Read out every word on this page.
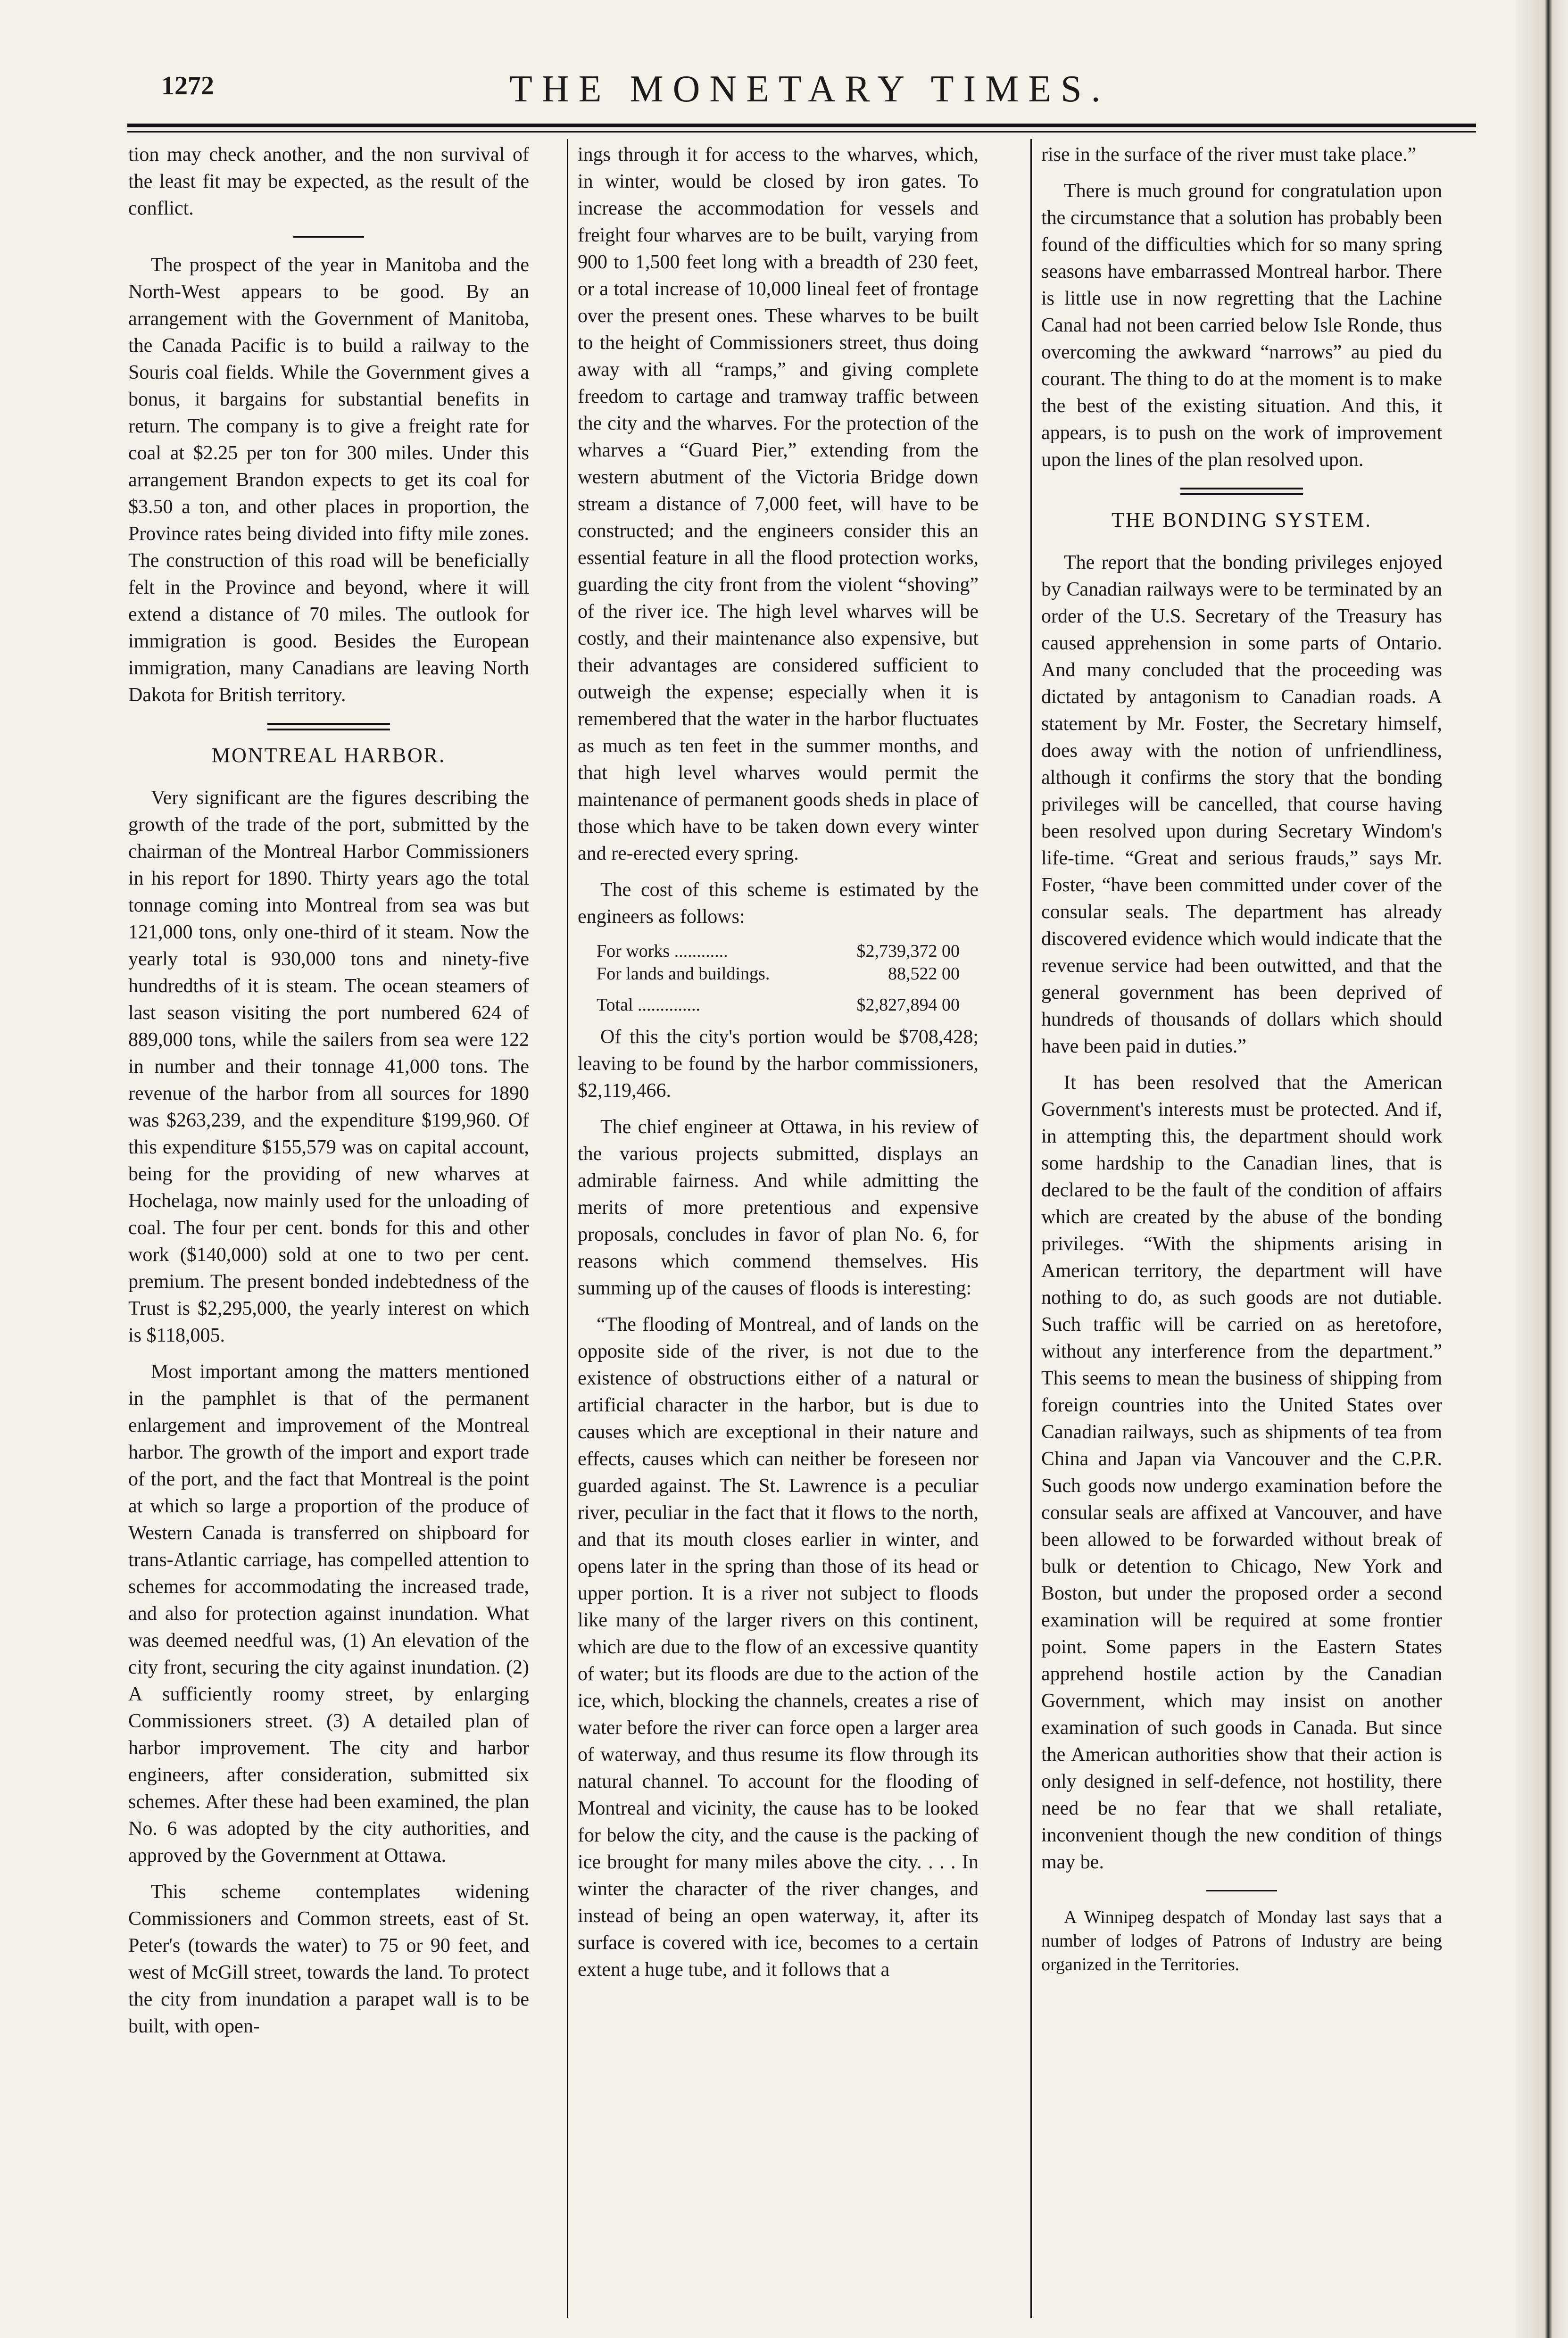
1272	THE MONETARY TIMES.

tion may check another, and the non survival of the least fit may be expected, as the result of the conflict.

The prospect of the year in Manitoba and the North-West appears to be good. By an arrangement with the Government of Manitoba, the Canada Pacific is to build a railway to the Souris coal fields. While the Government gives a bonus, it bargains for substantial benefits in return. The company is to give a freight rate for coal at $2.25 per ton for 300 miles. Under this arrangement Brandon expects to get its coal for $3.50 a ton, and other places in proportion, the Province rates being divided into fifty mile zones. The construction of this road will be beneficially felt in the Province and beyond, where it will extend a distance of 70 miles. The outlook for immigration is good. Besides the European immigration, many Canadians are leaving North Dakota for British territory.

MONTREAL HARBOR.

Very significant are the figures describing the growth of the trade of the port, submitted by the chairman of the Montreal Harbor Commissioners in his report for 1890. Thirty years ago the total tonnage coming into Montreal from sea was but 121,000 tons, only one-third of it steam. Now the yearly total is 930,000 tons and ninety-five hundredths of it is steam. The ocean steamers of last season visiting the port numbered 624 of 889,000 tons, while the sailers from sea were 122 in number and their tonnage 41,000 tons. The revenue of the harbor from all sources for 1890 was $263,239, and the expenditure $199,960. Of this expenditure $155,579 was on capital account, being for the providing of new wharves at Hochelaga, now mainly used for the unloading of coal. The four per cent. bonds for this and other work ($140,000) sold at one to two per cent. premium. The present bonded indebtedness of the Trust is $2,295,000, the yearly interest on which is $118,005.

Most important among the matters mentioned in the pamphlet is that of the permanent enlargement and improvement of the Montreal harbor. The growth of the import and export trade of the port, and the fact that Montreal is the point at which so large a proportion of the produce of Western Canada is transferred on shipboard for trans-Atlantic carriage, has compelled attention to schemes for accommodating the increased trade, and also for protection against inundation. What was deemed needful was, (1) An elevation of the city front, securing the city against inundation. (2) A sufficiently roomy street, by enlarging Commissioners street. (3) A detailed plan of harbor improvement. The city and harbor engineers, after consideration, submitted six schemes. After these had been examined, the plan No. 6 was adopted by the city authorities, and approved by the Government at Ottawa.

This scheme contemplates widening Commissioners and Common streets, east of St. Peter's (towards the water) to 75 or 90 feet, and west of McGill street, towards the land. To protect the city from inundation a parapet wall is to be built, with open-

ings through it for access to the wharves, which, in winter, would be closed by iron gates. To increase the accommodation for vessels and freight four wharves are to be built, varying from 900 to 1,500 feet long with a breadth of 230 feet, or a total increase of 10,000 lineal feet of frontage over the present ones. These wharves to be built to the height of Commissioners street, thus doing away with all “ramps,” and giving complete freedom to cartage and tramway traffic between the city and the wharves. For the protection of the wharves a “Guard Pier,” extending from the western abutment of the Victoria Bridge down stream a distance of 7,000 feet, will have to be constructed; and the engineers consider this an essential feature in all the flood protection works, guarding the city front from the violent “shoving” of the river ice. The high level wharves will be costly, and their maintenance also expensive, but their advantages are considered sufficient to outweigh the expense; especially when it is remembered that the water in the harbor fluctuates as much as ten feet in the summer months, and that high level wharves would permit the maintenance of permanent goods sheds in place of those which have to be taken down every winter and re-erected every spring.

The cost of this scheme is estimated by the engineers as follows:

For works ............	$2,739,372 00
For lands and buildings.	88,522 00
Total ..............	$2,827,894 00

Of this the city's portion would be $708,428; leaving to be found by the harbor commissioners, $2,119,466.

The chief engineer at Ottawa, in his review of the various projects submitted, displays an admirable fairness. And while admitting the merits of more pretentious and expensive proposals, concludes in favor of plan No. 6, for reasons which commend themselves. His summing up of the causes of floods is interesting:

“The flooding of Montreal, and of lands on the opposite side of the river, is not due to the existence of obstructions either of a natural or artificial character in the harbor, but is due to causes which are exceptional in their nature and effects, causes which can neither be foreseen nor guarded against. The St. Lawrence is a peculiar river, peculiar in the fact that it flows to the north, and that its mouth closes earlier in winter, and opens later in the spring than those of its head or upper portion. It is a river not subject to floods like many of the larger rivers on this continent, which are due to the flow of an excessive quantity of water; but its floods are due to the action of the ice, which, blocking the channels, creates a rise of water before the river can force open a larger area of waterway, and thus resume its flow through its natural channel. To account for the flooding of Montreal and vicinity, the cause has to be looked for below the city, and the cause is the packing of ice brought for many miles above the city. . . . In winter the character of the river changes, and instead of being an open waterway, it, after its surface is covered with ice, becomes to a certain extent a huge tube, and it follows that a

rise in the surface of the river must take place.”

There is much ground for congratulation upon the circumstance that a solution has probably been found of the difficulties which for so many spring seasons have embarrassed Montreal harbor. There is little use in now regretting that the Lachine Canal had not been carried below Isle Ronde, thus overcoming the awkward “narrows” au pied du courant. The thing to do at the moment is to make the best of the existing situation. And this, it appears, is to push on the work of improvement upon the lines of the plan resolved upon.

THE BONDING SYSTEM.

The report that the bonding privileges enjoyed by Canadian railways were to be terminated by an order of the U.S. Secretary of the Treasury has caused apprehension in some parts of Ontario. And many concluded that the proceeding was dictated by antagonism to Canadian roads. A statement by Mr. Foster, the Secretary himself, does away with the notion of unfriendliness, although it confirms the story that the bonding privileges will be cancelled, that course having been resolved upon during Secretary Windom's life-time. “Great and serious frauds,” says Mr. Foster, “have been committed under cover of the consular seals. The department has already discovered evidence which would indicate that the revenue service had been outwitted, and that the general government has been deprived of hundreds of thousands of dollars which should have been paid in duties.”

It has been resolved that the American Government's interests must be protected. And if, in attempting this, the department should work some hardship to the Canadian lines, that is declared to be the fault of the condition of affairs which are created by the abuse of the bonding privileges. “With the shipments arising in American territory, the department will have nothing to do, as such goods are not dutiable. Such traffic will be carried on as heretofore, without any interference from the department.” This seems to mean the business of shipping from foreign countries into the United States over Canadian railways, such as shipments of tea from China and Japan via Vancouver and the C.P.R. Such goods now undergo examination before the consular seals are affixed at Vancouver, and have been allowed to be forwarded without break of bulk or detention to Chicago, New York and Boston, but under the proposed order a second examination will be required at some frontier point. Some papers in the Eastern States apprehend hostile action by the Canadian Government, which may insist on another examination of such goods in Canada. But since the American authorities show that their action is only designed in self-defence, not hostility, there need be no fear that we shall retaliate, inconvenient though the new condition of things may be.

A Winnipeg despatch of Monday last says that a number of lodges of Patrons of Industry are being organized in the Territories.
